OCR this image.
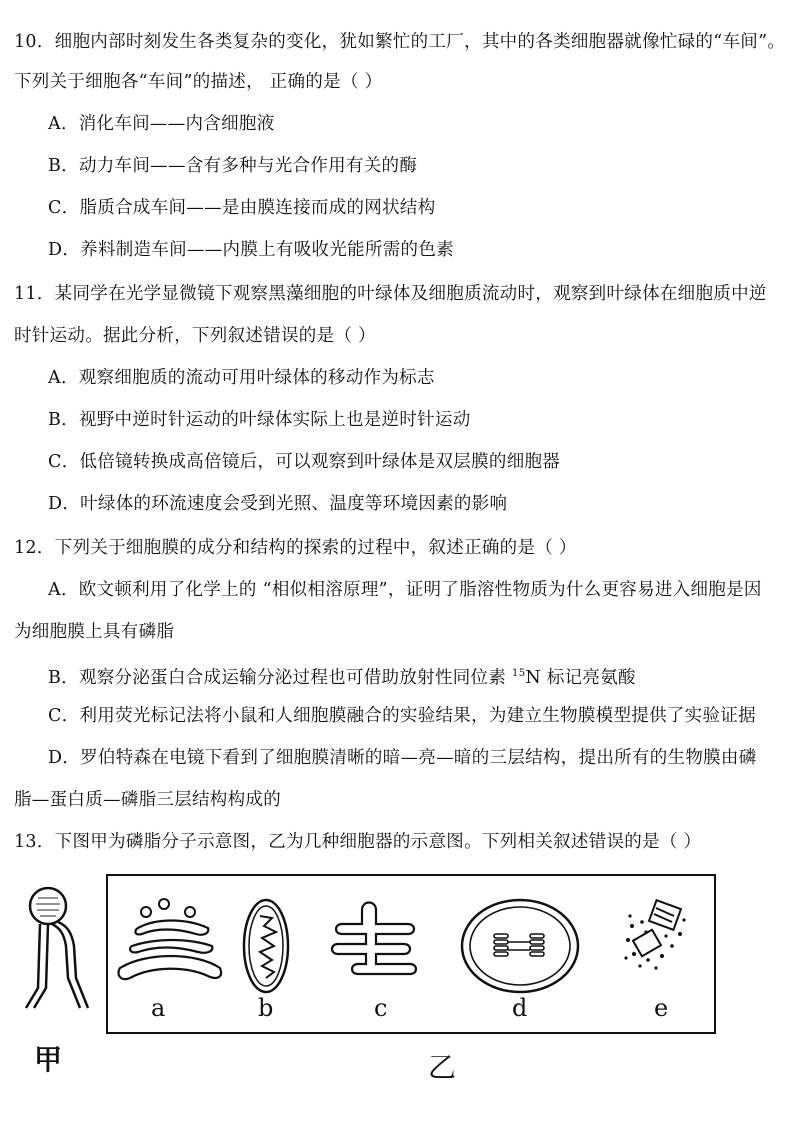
10．细胞内部时刻发生各类复杂的变化，犹如繁忙的工厂，其中的各类细胞器就像忙碌的“车间”。
下列关于细胞各“车间”的描述， 正确的是（ ）
A．消化车间——内含细胞液
B．动力车间——含有多种与光合作用有关的酶
C．脂质合成车间——是由膜连接而成的网状结构
D．养料制造车间——内膜上有吸收光能所需的色素
11．某同学在光学显微镜下观察黑藻细胞的叶绿体及细胞质流动时，观察到叶绿体在细胞质中逆
时针运动。据此分析，下列叙述错误的是（ ）
A．观察细胞质的流动可用叶绿体的移动作为标志
B．视野中逆时针运动的叶绿体实际上也是逆时针运动
C．低倍镜转换成高倍镜后，可以观察到叶绿体是双层膜的细胞器
D．叶绿体的环流速度会受到光照、温度等环境因素的影响
12．下列关于细胞膜的成分和结构的探索的过程中，叙述正确的是（ ）
A．欧文顿利用了化学上的 “相似相溶原理”，证明了脂溶性物质为什么更容易进入细胞是因
为细胞膜上具有磷脂
B．观察分泌蛋白合成运输分泌过程也可借助放射性同位素 $^{15}$N 标记亮氨酸
C．利用荧光标记法将小鼠和人细胞膜融合的实验结果，为建立生物膜模型提供了实验证据
D．罗伯特森在电镜下看到了细胞膜清晰的暗—亮—暗的三层结构，提出所有的生物膜由磷
脂—蛋白质—磷脂三层结构构成的
13．下图甲为磷脂分子示意图，乙为几种细胞器的示意图。下列相关叙述错误的是（ ）
甲
a	b	c	d	e
乙
